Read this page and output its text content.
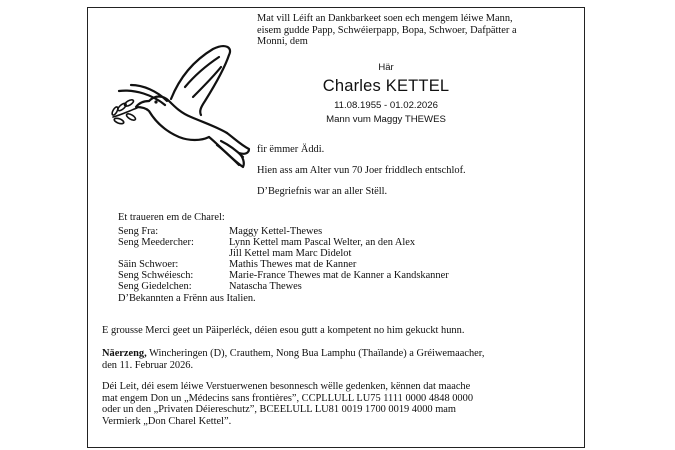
Mat vill Léift an Dankbarkeet soen ech mengem léiwe Mann,
eisem gudde Papp, Schwéierpapp, Bopa, Schwoer, Dafpätter a
Monni, dem
Här
Charles KETTEL
11.08.1955 - 01.02.2026
Mann vum Maggy THEWES
fir ëmmer Äddi.
Hien ass am Alter vun 70 Joer friddlech entschlof.
D’Begriefnis war an aller Stëll.
Et traueren em de Charel:
Seng Fra:	Maggy Kettel-Thewes
Seng Meedercher:	Lynn Kettel mam Pascal Welter, an den Alex
Jill Kettel mam Marc Didelot
Säin Schwoer:	Mathis Thewes mat de Kanner
Seng Schwéiesch:	Marie-France Thewes mat de Kanner a Kandskanner
Seng Giedelchen:	Natascha Thewes
D’Bekannten a Frënn aus Italien.
E grousse Merci geet un Päiperléck, déien esou gutt a kompetent no him gekuckt hunn.
Näerzeng, Wincheringen (D), Crauthem, Nong Bua Lamphu (Thaïlande) a Gréiwemaacher,
den 11. Februar 2026.
Déi Leit, déi esem léiwe Verstuerwenen besonnesch wëlle gedenken, kënnen dat maache
mat engem Don un „Médecins sans frontières”, CCPLLULL LU75 1111 0000 4848 0000
oder un den „Privaten Déiereschutz”, BCEELULL LU81 0019 1700 0019 4000 mam
Vermierk „Don Charel Kettel”.
